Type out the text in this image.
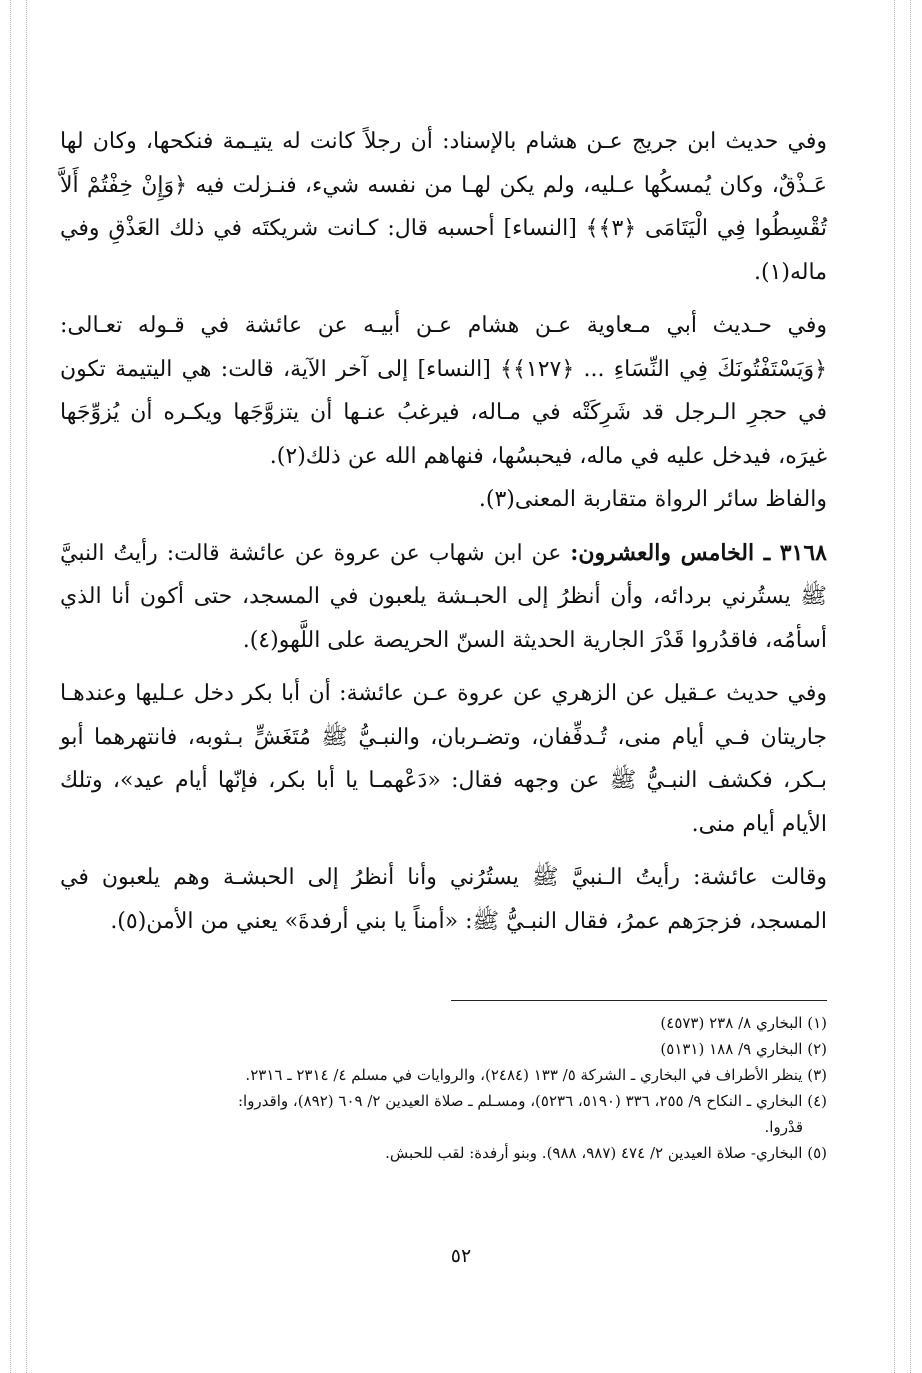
وفي حديث ابن جريج عـن هشام بالإسناد: أن رجلاً كانت له يتيـمة فنكحها، وكان لها عَـذْقٌ، وكان يُمسكُها عـليه، ولم يكن لهـا من نفسه شيء، فنـزلت فيه ﴿وَإِنْ خِفْتُمْ أَلاَّ تُقْسِطُوا فِي الْيَتَامَى ﴿٣﴾﴾ [النساء] أحسبه قال: كـانت شريكتَه في ذلك العَذْقِ وفي ماله(١).

وفي حـديث أبي مـعاوية عـن هشام عـن أبيـه عن عائشة في قـوله تعـالى: ﴿وَيَسْتَفْتُونَكَ فِي النِّسَاءِ ... ﴿١٢٧﴾﴾ [النساء] إلى آخر الآية، قالت: هي اليتيمة تكون في حجرِ الـرجل قد شَرِكَتْه في مـاله، فيرغبُ عنـها أن يتزوَّجَها ويكـره أن يُزوِّجَها غيرَه، فيدخل عليه في ماله، فيحبسُها، فنهاهم الله عن ذلك(٢).

والفاظ سائر الرواة متقاربة المعنى(٣).

٣١٦٨ ـ الخامس والعشرون: عن ابن شهاب عن عروة عن عائشة قالت: رأيتُ النبيَّ ﷺ يستُرني بردائه، وأن أنظرُ إلى الحبـشة يلعبون في المسجد، حتى أكون أنا الذي أسأمُه، فاقدُروا قَدْرَ الجارية الحديثة السنّ الحريصة على اللَّهو(٤).

وفي حديث عـقيل عن الزهري عن عروة عـن عائشة: أن أبا بكر دخل عـليها وعندهـا جاريتان فـي أيام منى، تُـدفِّفان، وتضـربان، والنبـيُّ ﷺ مُتَغَشٍّ بـثوبه، فانتهرهما أبو بـكر، فكشف النبـيُّ ﷺ عن وجهه فقال: «دَعْهمـا يا أبا بكر، فإنّها أيام عيد»، وتلك الأيام أيام منى.

وقالت عائشة: رأيتُ الـنبيَّ ﷺ يستُرُني وأنا أنظرُ إلى الحبشـة وهم يلعبون في المسجد، فزجرَهم عمرُ، فقال النبـيُّ ﷺ: «أمناً يا بني أرفدةَ» يعني من الأمن(٥).

(١) البخاري ٨/ ٢٣٨ (٤٥٧٣)

(٢) البخاري ٩/ ١٨٨ (٥١٣١)

(٣) ينظر الأطراف في البخاري ـ الشركة ٥/ ١٣٣ (٢٤٨٤)، والروايات في مسلم ٤/ ٢٣١٤ ـ ٢٣١٦.

(٤) البخاري ـ النكاح ٩/ ٢٥٥، ٣٣٦ (٥١٩٠، ٥٢٣٦)، ومسـلم ـ صلاة العيدين ٢/ ٦٠٩ (٨٩٢)، واقدروا:

قدْروا.

(٥) البخاري- صلاة العيدين ٢/ ٤٧٤ (٩٨٧، ٩٨٨). وبنو أرفدة: لقب للحبش.

٥٢
